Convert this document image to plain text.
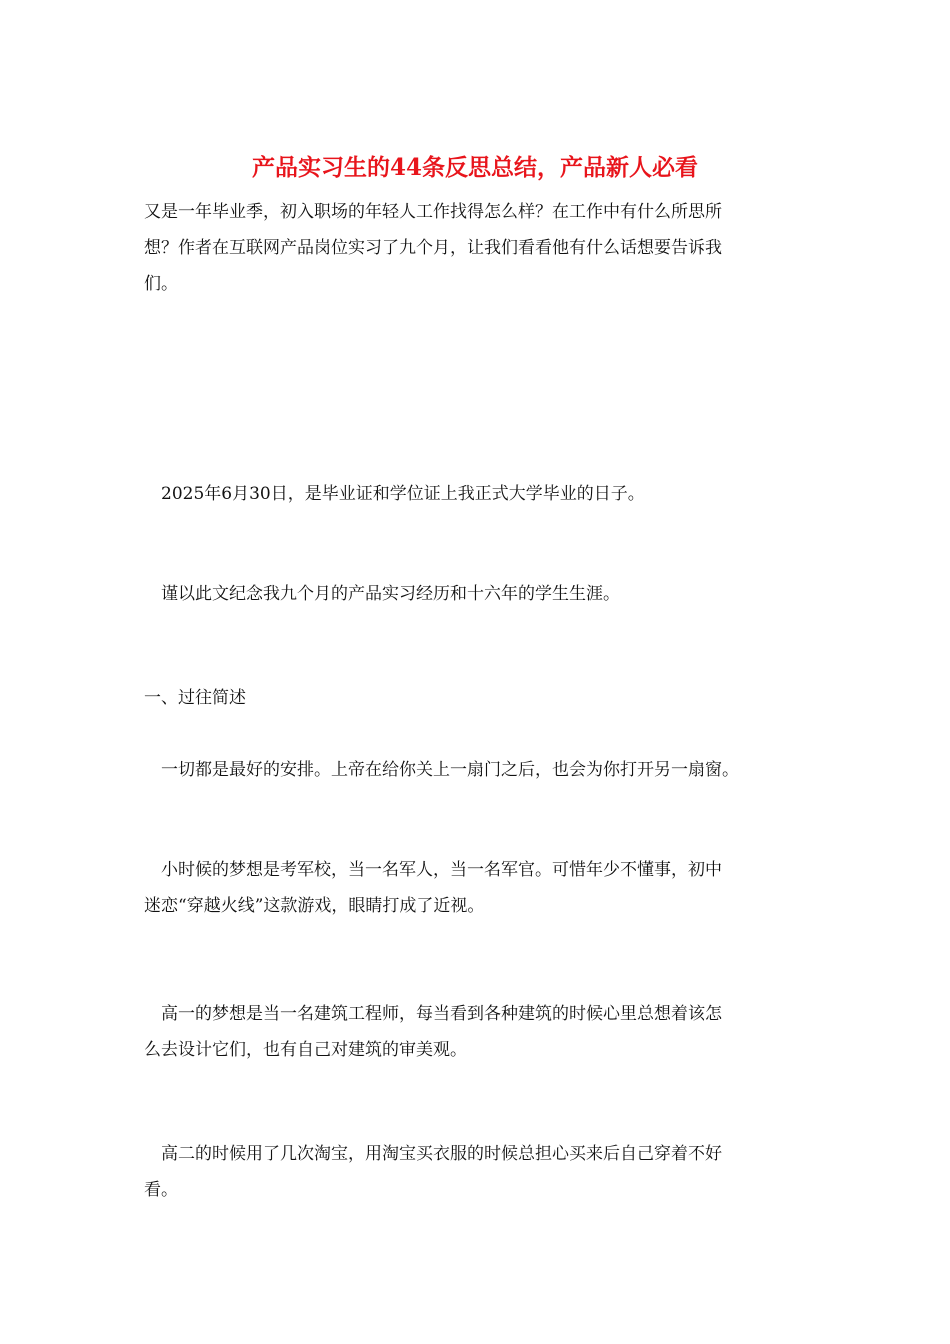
产品实习生的44条反思总结，产品新人必看

又是一年毕业季，初入职场的年轻人工作找得怎么样？在工作中有什么所思所

想？作者在互联网产品岗位实习了九个月，让我们看看他有什么话想要告诉我

们。

　2025年6月30日，是毕业证和学位证上我正式大学毕业的日子。

　谨以此文纪念我九个月的产品实习经历和十六年的学生生涯。

一、过往简述

　一切都是最好的安排。上帝在给你关上一扇门之后，也会为你打开另一扇窗。

　小时候的梦想是考军校，当一名军人，当一名军官。可惜年少不懂事，初中

迷恋“穿越火线”这款游戏，眼睛打成了近视。

　高一的梦想是当一名建筑工程师，每当看到各种建筑的时候心里总想着该怎

么去设计它们，也有自己对建筑的审美观。

　高二的时候用了几次淘宝，用淘宝买衣服的时候总担心买来后自己穿着不好

看。
